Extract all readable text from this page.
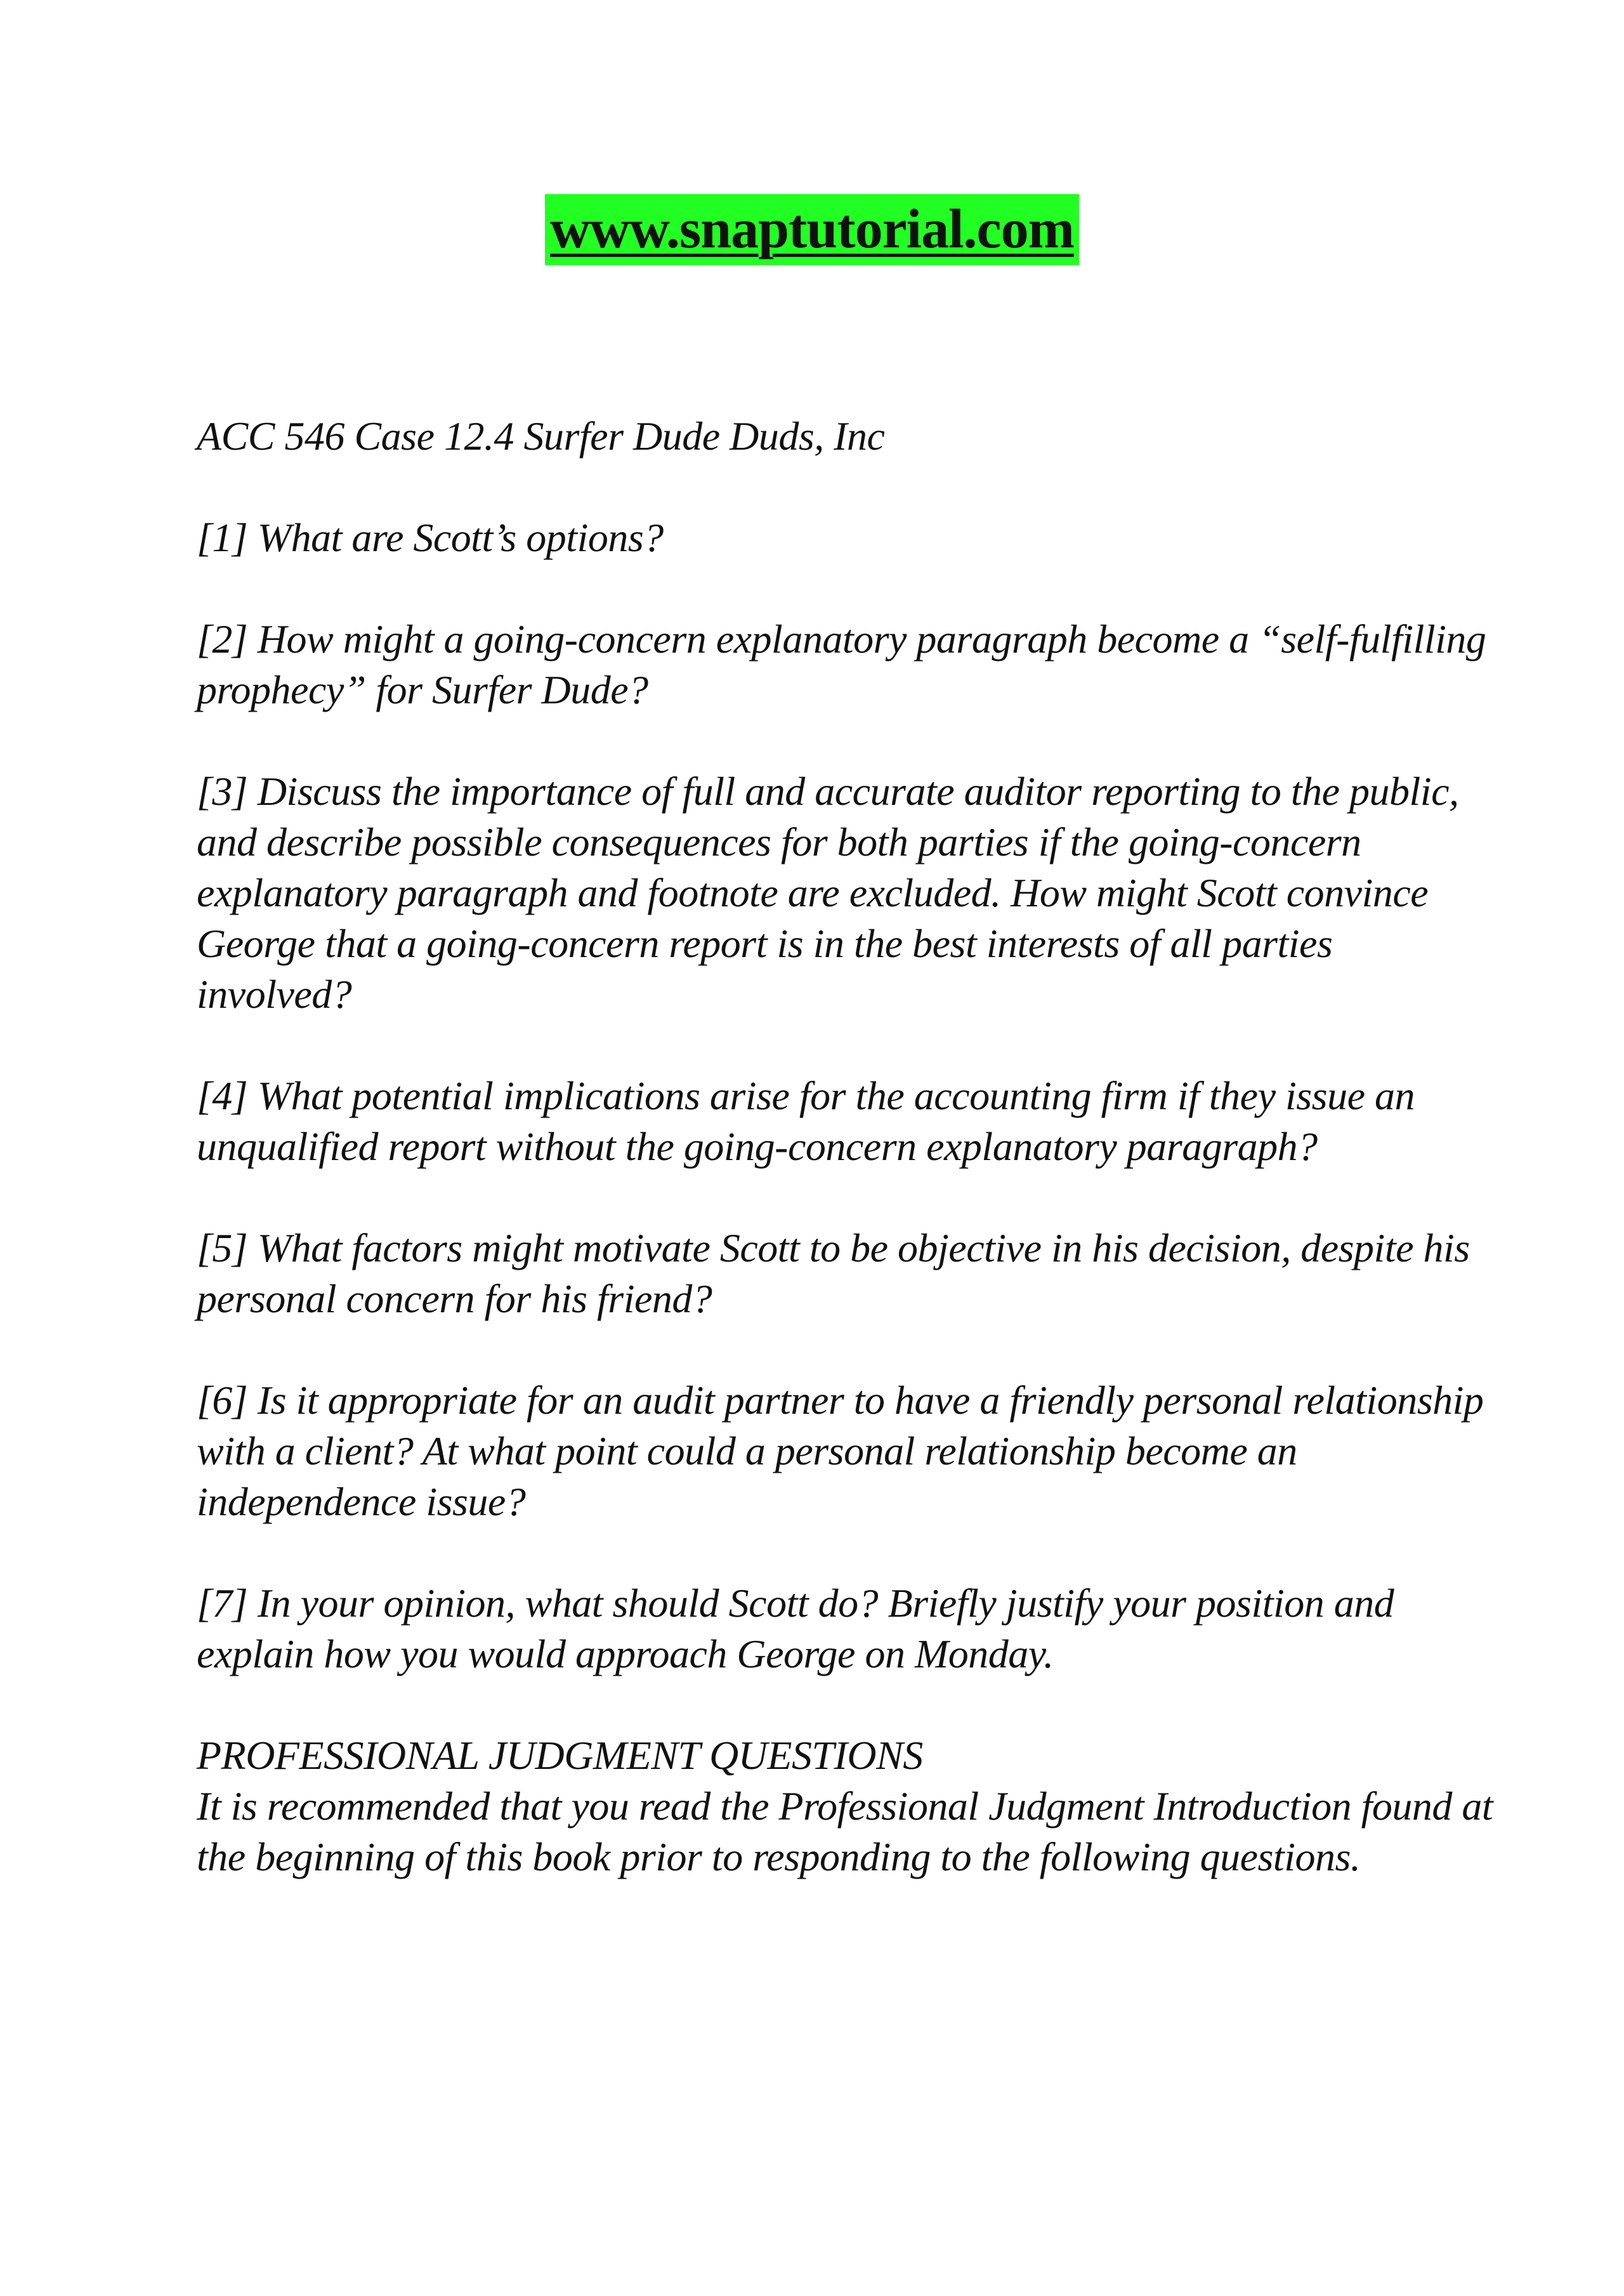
www.snaptutorial.com
ACC 546 Case 12.4 Surfer Dude Duds, Inc

[1] What are Scott’s options?

[2] How might a going-concern explanatory paragraph become a “self-fulfilling prophecy” for Surfer Dude?

[3] Discuss the importance of full and accurate auditor reporting to the public, and describe possible consequences for both parties if the going-concern explanatory paragraph and footnote are excluded. How might Scott convince George that a going-concern report is in the best interests of all parties involved?

[4] What potential implications arise for the accounting firm if they issue an unqualified report without the going-concern explanatory paragraph?

[5] What factors might motivate Scott to be objective in his decision, despite his personal concern for his friend?

[6] Is it appropriate for an audit partner to have a friendly personal relationship with a client? At what point could a personal relationship become an independence issue?

[7] In your opinion, what should Scott do? Briefly justify your position and explain how you would approach George on Monday.

PROFESSIONAL JUDGMENT QUESTIONS

It is recommended that you read the Professional Judgment Introduction found at the beginning of this book prior to responding to the following questions.
